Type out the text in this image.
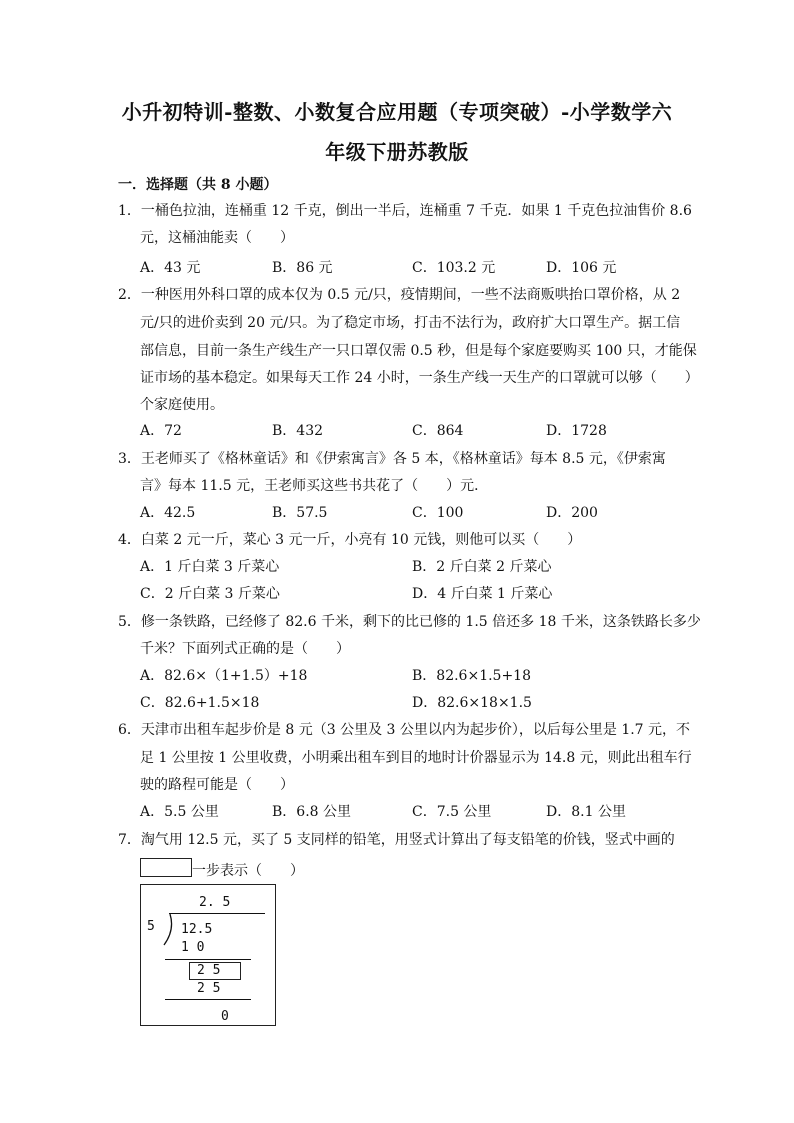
小升初特训-整数、小数复合应用题（专项突破）-小学数学六
年级下册苏教版
一．选择题（共 8 小题）
1．一桶色拉油，连桶重 12 千克，倒出一半后，连桶重 7 千克．如果 1 千克色拉油售价 8.6
元，这桶油能卖（　　）
A．43 元	B．86 元	C．103.2 元	D．106 元
2．一种医用外科口罩的成本仅为 0.5 元/只，疫情期间，一些不法商贩哄抬口罩价格，从 2
元/只的进价卖到 20 元/只。为了稳定市场，打击不法行为，政府扩大口罩生产。据工信
部信息，目前一条生产线生产一只口罩仅需 0.5 秒，但是每个家庭要购买 100 只，才能保
证市场的基本稳定。如果每天工作 24 小时，一条生产线一天生产的口罩就可以够（　　）
个家庭使用。
A．72	B．432	C．864	D．1728
3．王老师买了《格林童话》和《伊索寓言》各 5 本，《格林童话》每本 8.5 元，《伊索寓
言》每本 11.5 元，王老师买这些书共花了（　　）元．
A．42.5	B．57.5	C．100	D．200
4．白菜 2 元一斤，菜心 3 元一斤，小亮有 10 元钱，则他可以买（　　）
A．1 斤白菜 3 斤菜心	B．2 斤白菜 2 斤菜心
C．2 斤白菜 3 斤菜心	D．4 斤白菜 1 斤菜心
5．修一条铁路，已经修了 82.6 千米，剩下的比已修的 1.5 倍还多 18 千米，这条铁路长多少
千米？下面列式正确的是（　　）
A．82.6×（1+1.5）+18	B．82.6×1.5+18
C．82.6+1.5×18	D．82.6×18×1.5
6．天津市出租车起步价是 8 元（3 公里及 3 公里以内为起步价），以后每公里是 1.7 元，不
足 1 公里按 1 公里收费，小明乘出租车到目的地时计价器显示为 14.8 元，则此出租车行
驶的路程可能是（　　）
A．5.5 公里	B．6.8 公里	C．7.5 公里	D．8.1 公里
7．淘气用 12.5 元，买了 5 支同样的铅笔，用竖式计算出了每支铅笔的价钱，竖式中画的
一步表示（　　）
2. 5
5 12.5
1 0
2 5
2 5
0
